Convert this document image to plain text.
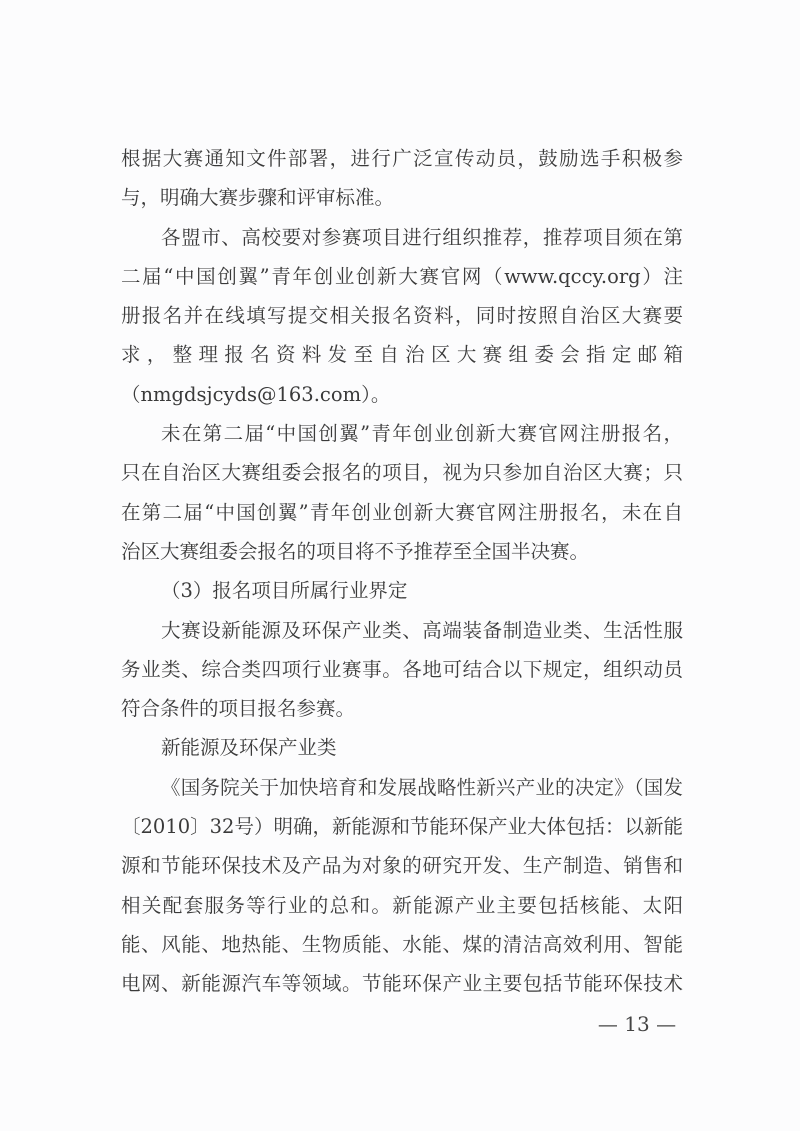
根据大赛通知文件部署，进行广泛宣传动员，鼓励选手积极参
与，明确大赛步骤和评审标准。
各盟市、高校要对参赛项目进行组织推荐，推荐项目须在第
二届“中国创翼”青年创业创新大赛官网（www.qccy.org）注
册报名并在线填写提交相关报名资料，同时按照自治区大赛要
求，整理报名资料发至自治区大赛组委会指定邮箱
（nmgdsjcyds@163.com）。
未在第二届“中国创翼”青年创业创新大赛官网注册报名，
只在自治区大赛组委会报名的项目，视为只参加自治区大赛；只
在第二届“中国创翼”青年创业创新大赛官网注册报名，未在自
治区大赛组委会报名的项目将不予推荐至全国半决赛。
（3）报名项目所属行业界定
大赛设新能源及环保产业类、高端装备制造业类、生活性服
务业类、综合类四项行业赛事。各地可结合以下规定，组织动员
符合条件的项目报名参赛。
新能源及环保产业类
《国务院关于加快培育和发展战略性新兴产业的决定》（国发
〔2010〕32号）明确，新能源和节能环保产业大体包括：以新能
源和节能环保技术及产品为对象的研究开发、生产制造、销售和
相关配套服务等行业的总和。新能源产业主要包括核能、太阳
能、风能、地热能、生物质能、水能、煤的清洁高效利用、智能
电网、新能源汽车等领域。节能环保产业主要包括节能环保技术
— 13 —
